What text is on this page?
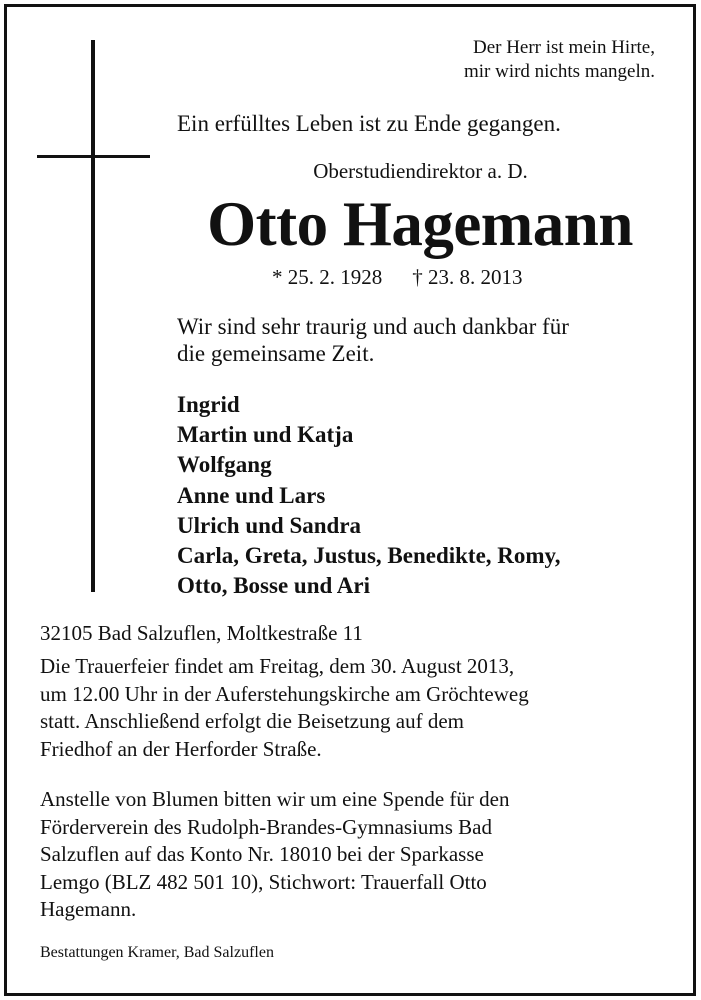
Der Herr ist mein Hirte,
mir wird nichts mangeln.
Ein erfülltes Leben ist zu Ende gegangen.
Oberstudiendirektor a. D.
Otto Hagemann
* 25. 2. 1928 † 23. 8. 2013
Wir sind sehr traurig und auch dankbar für
die gemeinsame Zeit.
Ingrid
Martin und Katja
Wolfgang
Anne und Lars
Ulrich und Sandra
Carla, Greta, Justus, Benedikte, Romy,
Otto, Bosse und Ari
32105 Bad Salzuflen, Moltkestraße 11
Die Trauerfeier findet am Freitag, dem 30. August 2013,
um 12.00 Uhr in der Auferstehungskirche am Gröchteweg
statt. Anschließend erfolgt die Beisetzung auf dem
Friedhof an der Herforder Straße.
Anstelle von Blumen bitten wir um eine Spende für den
Förderverein des Rudolph-Brandes-Gymnasiums Bad
Salzuflen auf das Konto Nr. 18010 bei der Sparkasse
Lemgo (BLZ 482 501 10), Stichwort: Trauerfall Otto
Hagemann.
Bestattungen Kramer, Bad Salzuflen
